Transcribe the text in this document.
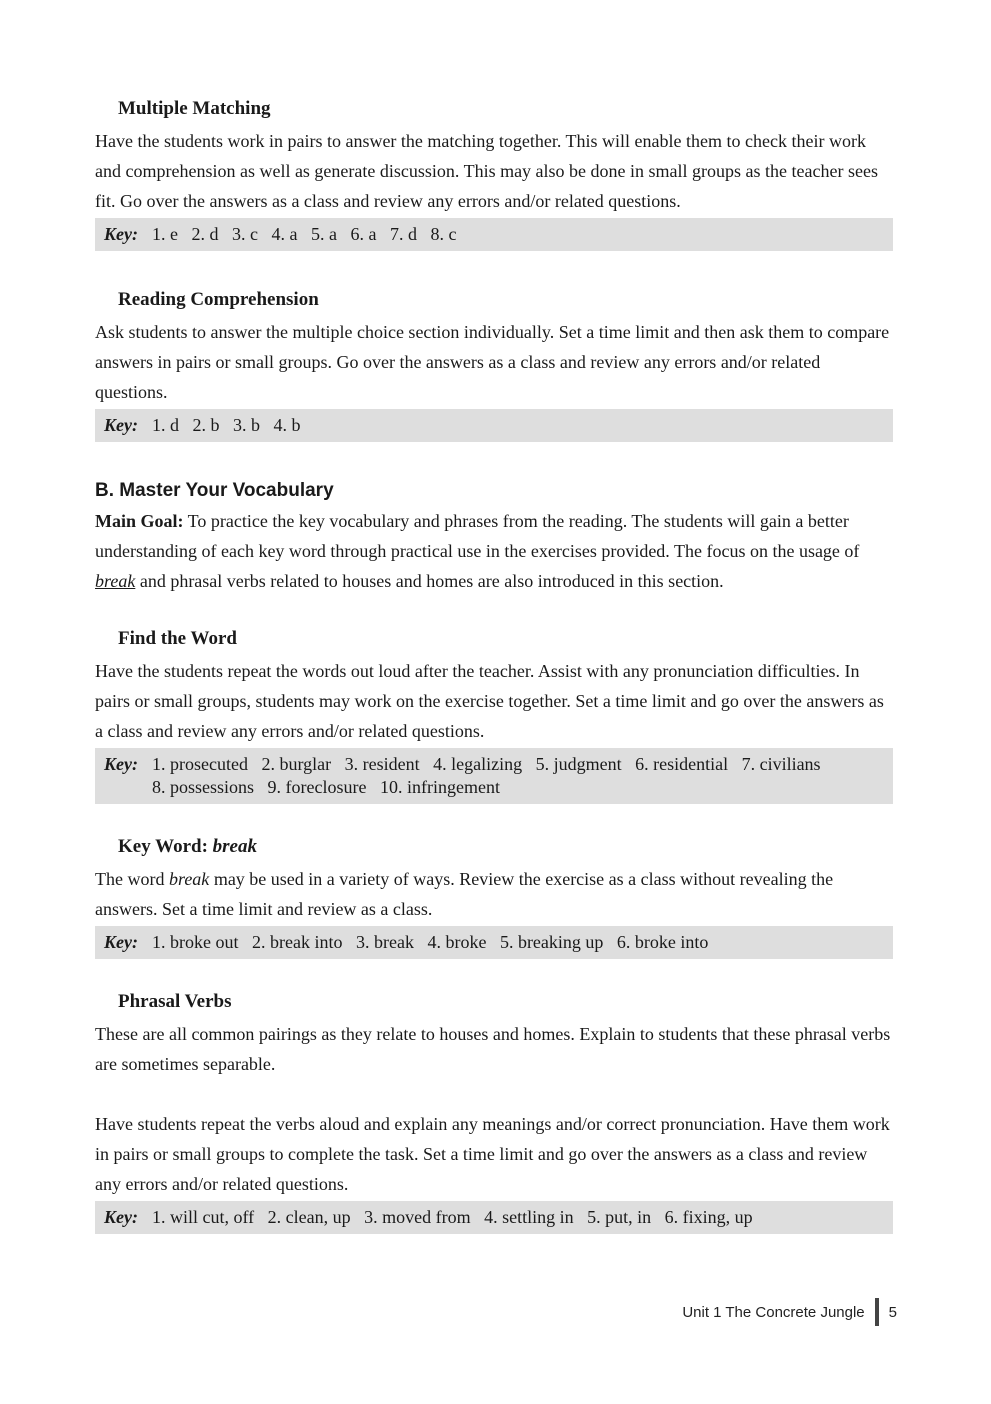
Multiple Matching

Have the students work in pairs to answer the matching together. This will enable them to check their work and comprehension as well as generate discussion. This may also be done in small groups as the teacher sees fit. Go over the answers as a class and review any errors and/or related questions.

Key: 1. e 2. d 3. c 4. a 5. a 6. a 7. d 8. c
Reading Comprehension

Ask students to answer the multiple choice section individually. Set a time limit and then ask them to compare answers in pairs or small groups. Go over the answers as a class and review any errors and/or related questions.

Key: 1. d 2. b 3. b 4. b
B. Master Your Vocabulary

Main Goal: To practice the key vocabulary and phrases from the reading. The students will gain a better understanding of each key word through practical use in the exercises provided. The focus on the usage of break and phrasal verbs related to houses and homes are also introduced in this section.

Find the Word

Have the students repeat the words out loud after the teacher. Assist with any pronunciation difficulties. In pairs or small groups, students may work on the exercise together. Set a time limit and go over the answers as a class and review any errors and/or related questions.

Key: 1. prosecuted 2. burglar 3. resident 4. legalizing 5. judgment 6. residential 7. civilians 8. possessions 9. foreclosure 10. infringement
Key Word: break

The word break may be used in a variety of ways. Review the exercise as a class without revealing the answers. Set a time limit and review as a class.

Key: 1. broke out 2. break into 3. break 4. broke 5. breaking up 6. broke into
Phrasal Verbs

These are all common pairings as they relate to houses and homes. Explain to students that these phrasal verbs are sometimes separable.

Have students repeat the verbs aloud and explain any meanings and/or correct pronunciation. Have them work in pairs or small groups to complete the task. Set a time limit and go over the answers as a class and review any errors and/or related questions.

Key: 1. will cut, off 2. clean, up 3. moved from 4. settling in 5. put, in 6. fixing, up
Unit 1 The Concrete Jungle 5
